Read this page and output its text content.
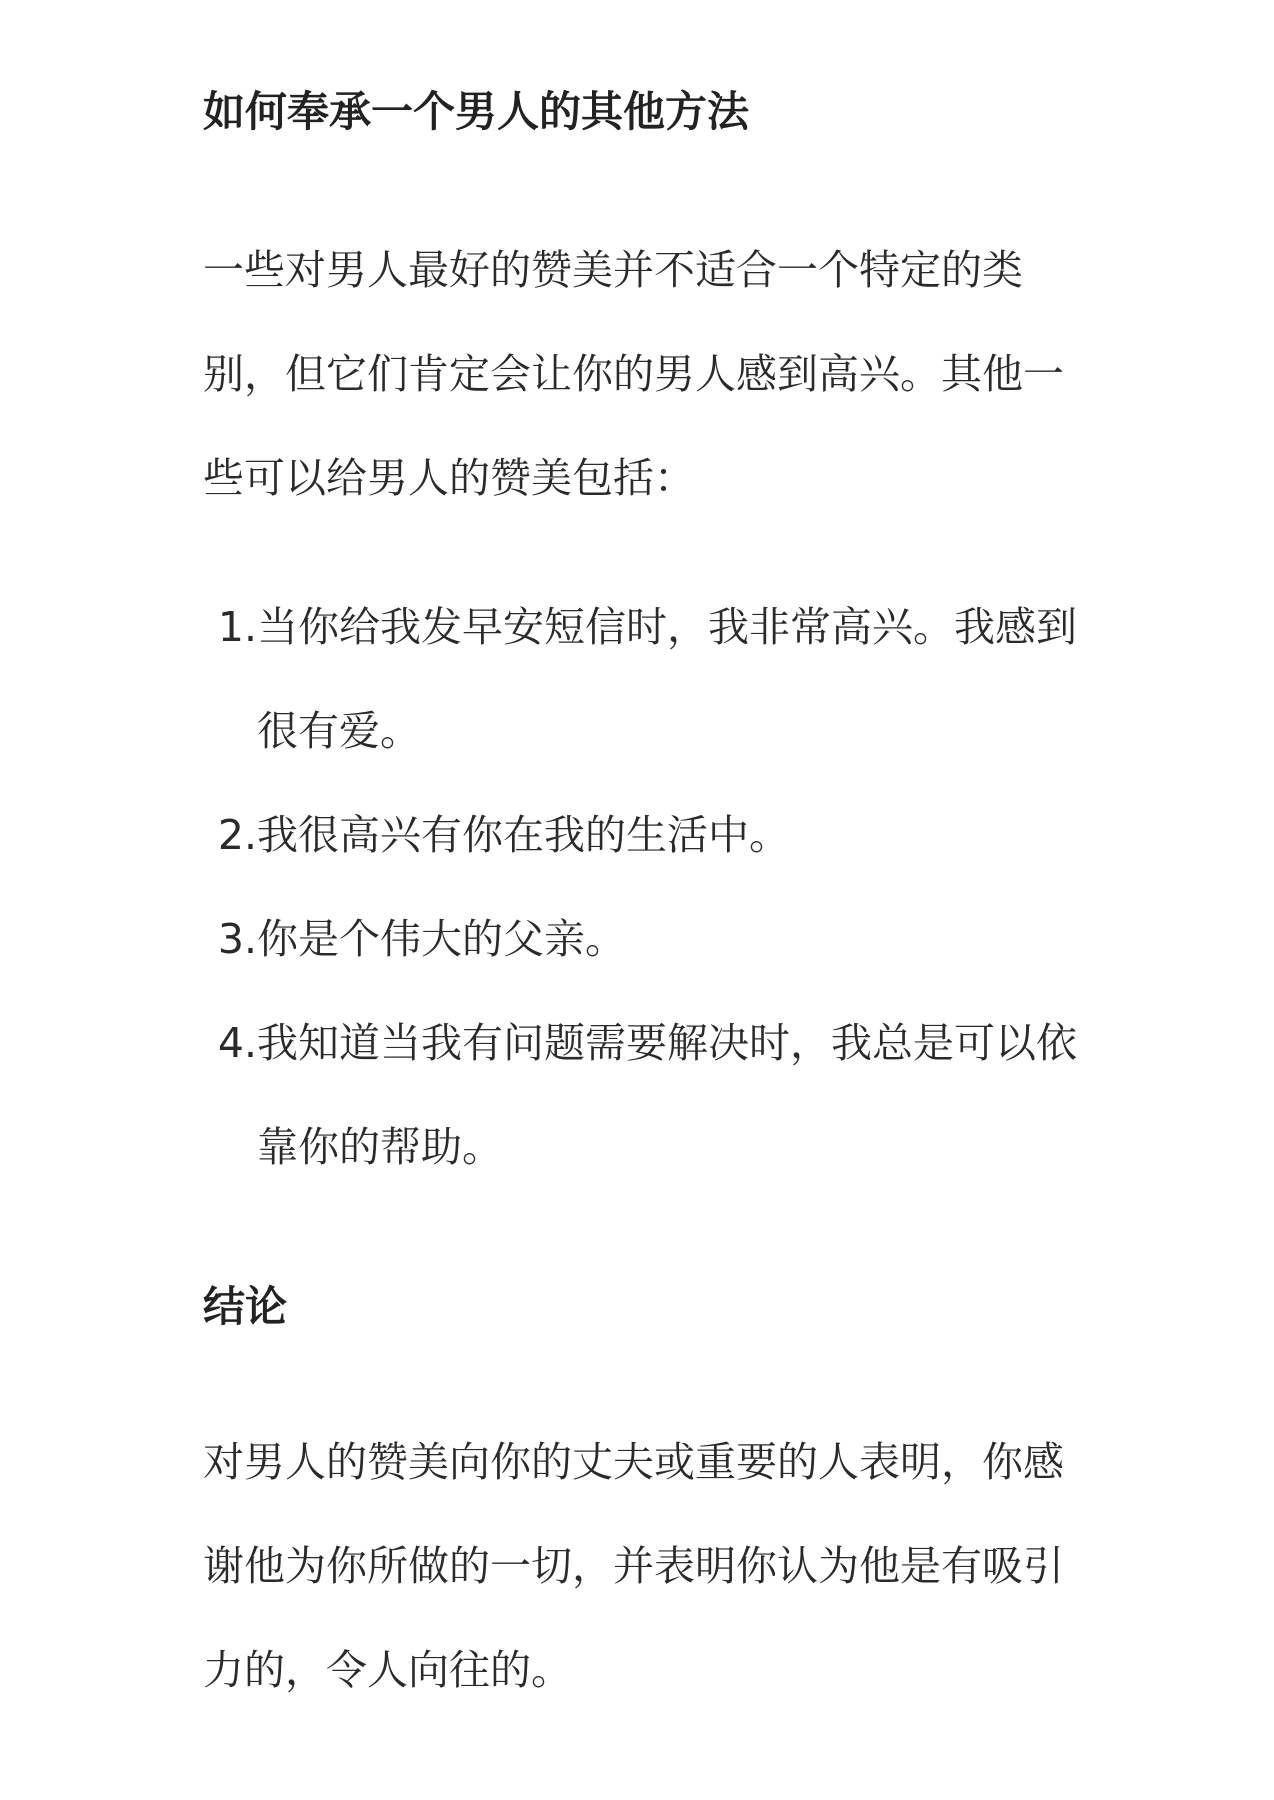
如何奉承一个男人的其他方法

一些对男人最好的赞美并不适合一个特定的类别，但它们肯定会让你的男人感到高兴。其他一些可以给男人的赞美包括：

1. 当你给我发早安短信时，我非常高兴。我感到很有爱。
2. 我很高兴有你在我的生活中。
3. 你是个伟大的父亲。
4. 我知道当我有问题需要解决时，我总是可以依靠你的帮助。
结论

对男人的赞美向你的丈夫或重要的人表明，你感谢他为你所做的一切，并表明你认为他是有吸引力的，令人向往的。
